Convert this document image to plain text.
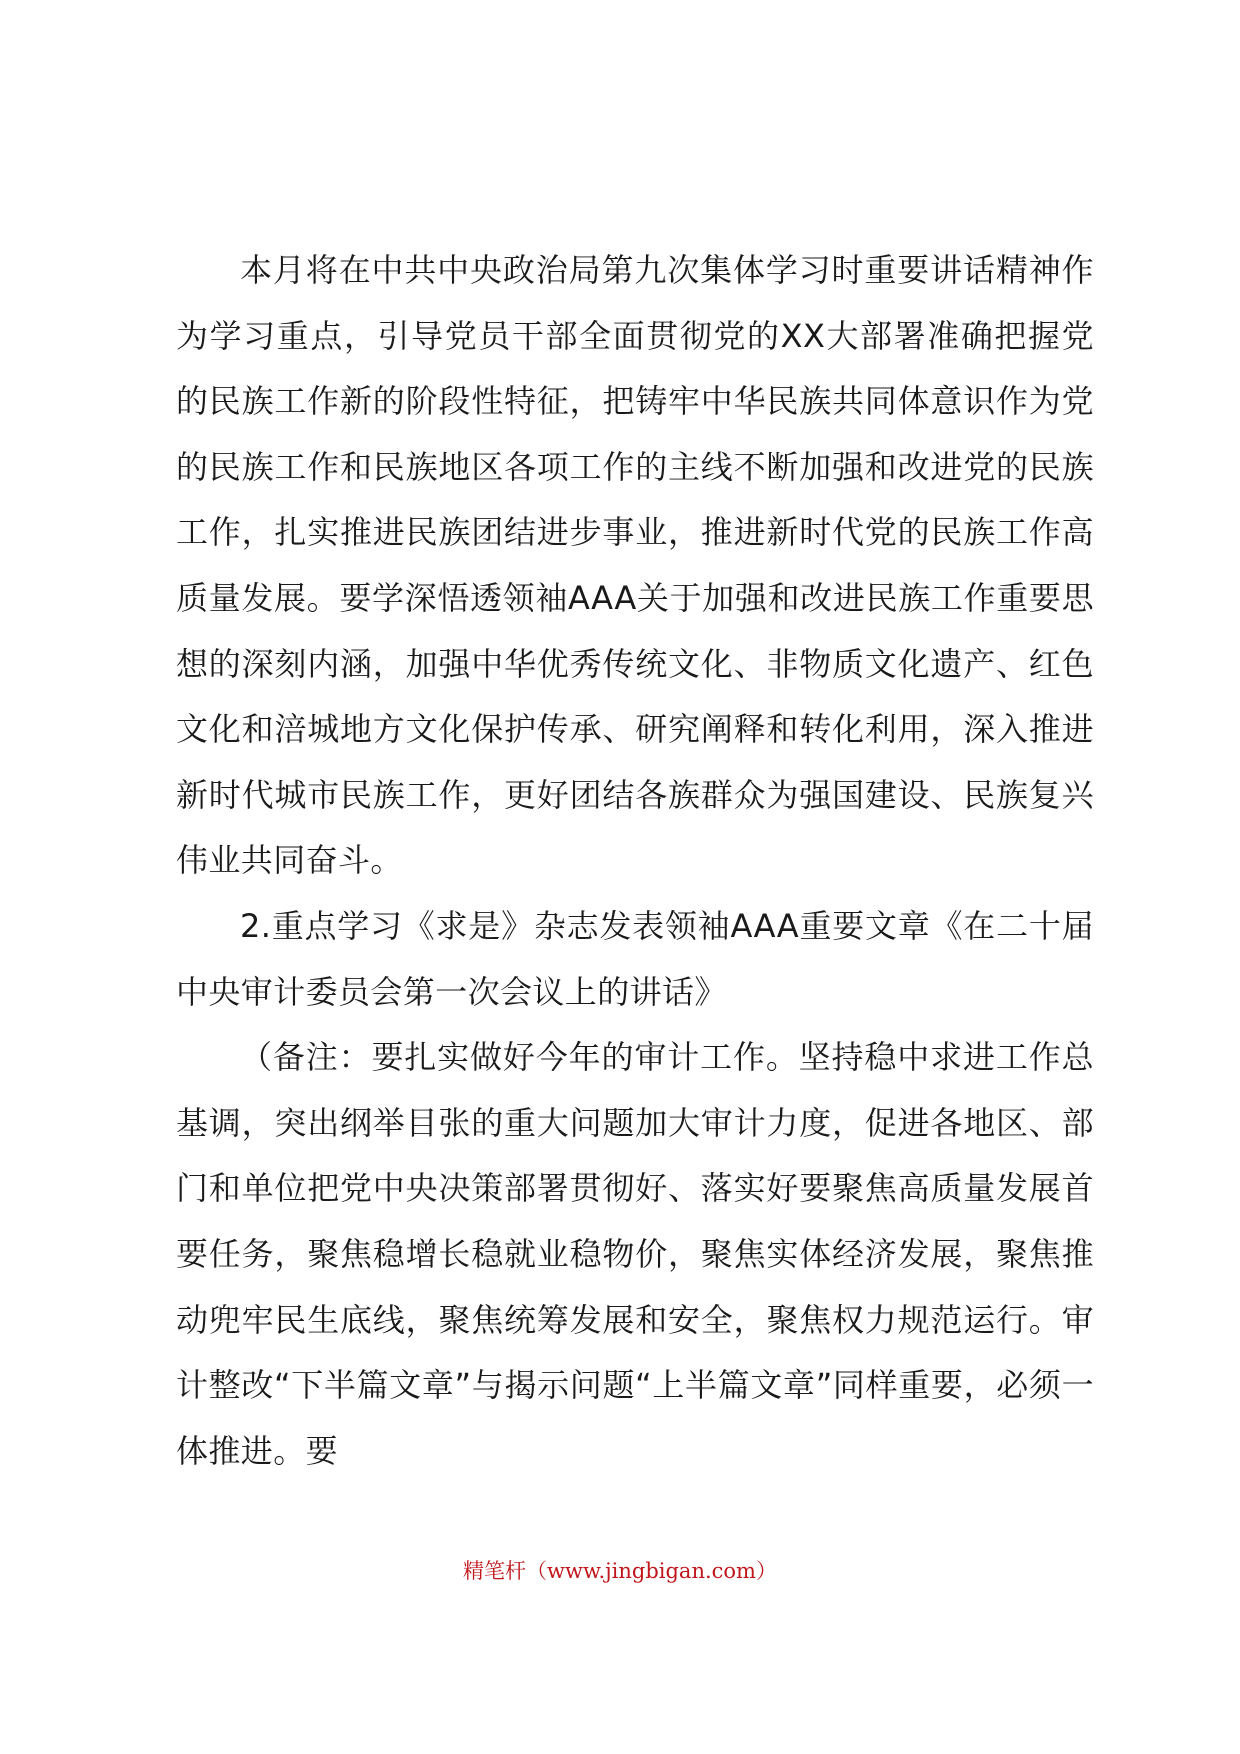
本月将在中共中央政治局第九次集体学习时重要讲话精神作为学习重点，引导党员干部全面贯彻党的XX大部署准确把握党的民族工作新的阶段性特征，把铸牢中华民族共同体意识作为党的民族工作和民族地区各项工作的主线不断加强和改进党的民族工作，扎实推进民族团结进步事业，推进新时代党的民族工作高质量发展。要学深悟透领袖AAA关于加强和改进民族工作重要思想的深刻内涵，加强中华优秀传统文化、非物质文化遗产、红色文化和涪城地方文化保护传承、研究阐释和转化利用，深入推进新时代城市民族工作，更好团结各族群众为强国建设、民族复兴伟业共同奋斗。

2.重点学习《求是》杂志发表领袖AAA重要文章《在二十届中央审计委员会第一次会议上的讲话》

（备注：要扎实做好今年的审计工作。坚持稳中求进工作总基调，突出纲举目张的重大问题加大审计力度，促进各地区、部门和单位把党中央决策部署贯彻好、落实好要聚焦高质量发展首要任务，聚焦稳增长稳就业稳物价，聚焦实体经济发展，聚焦推动兜牢民生底线，聚焦统筹发展和安全，聚焦权力规范运行。审计整改“下半篇文章”与揭示问题“上半篇文章”同样重要，必须一体推进。要

精笔杆（www.jingbigan.com）
